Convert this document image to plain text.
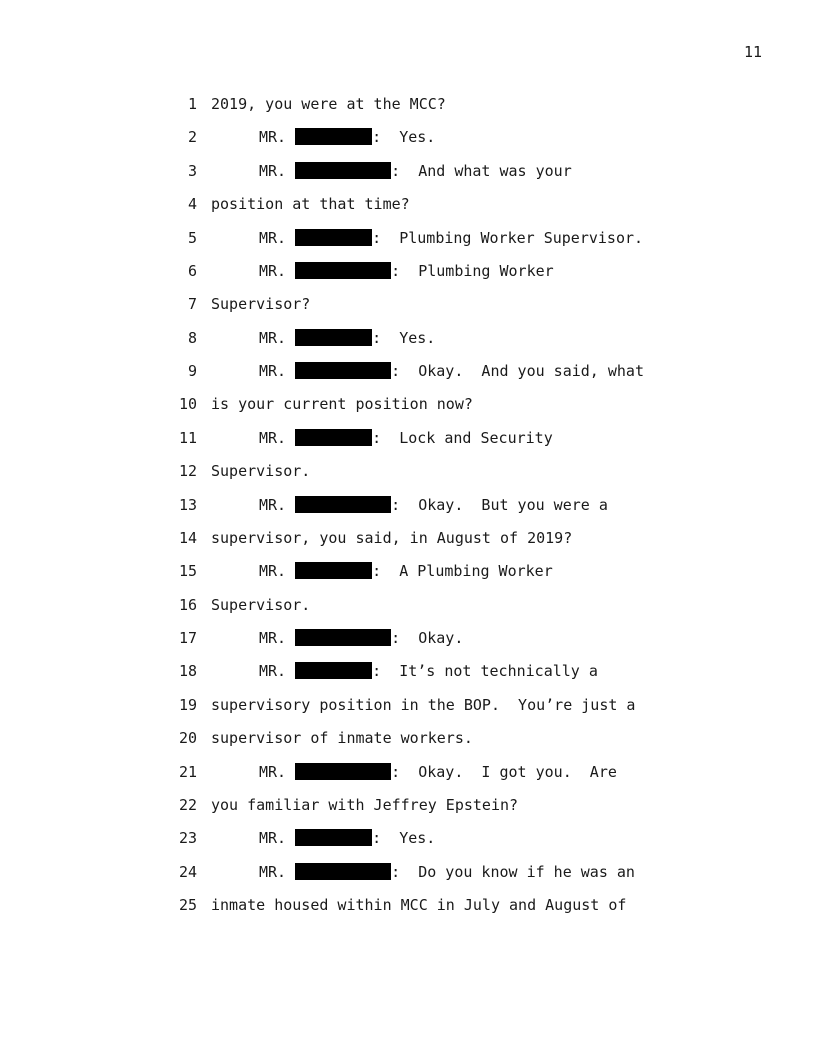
11
1 2019, you were at the MCC?
2	MR.	:  Yes.
3	MR.	:  And what was your
4 position at that time?
5	MR.	:  Plumbing Worker Supervisor.
6	MR.	:  Plumbing Worker
7 Supervisor?
8	MR.	:  Yes.
9	MR.	:  Okay.  And you said, what
10 is your current position now?
11	MR.	:  Lock and Security
12 Supervisor.
13	MR.	:  Okay.  But you were a
14 supervisor, you said, in August of 2019?
15	MR.	:  A Plumbing Worker
16 Supervisor.
17	MR.	:  Okay.
18	MR.	:  It’s not technically a
19 supervisory position in the BOP.  You’re just a
20 supervisor of inmate workers.
21	MR.	:  Okay.  I got you.  Are
22 you familiar with Jeffrey Epstein?
23	MR.	:  Yes.
24	MR.	:  Do you know if he was an
25 inmate housed within MCC in July and August of
